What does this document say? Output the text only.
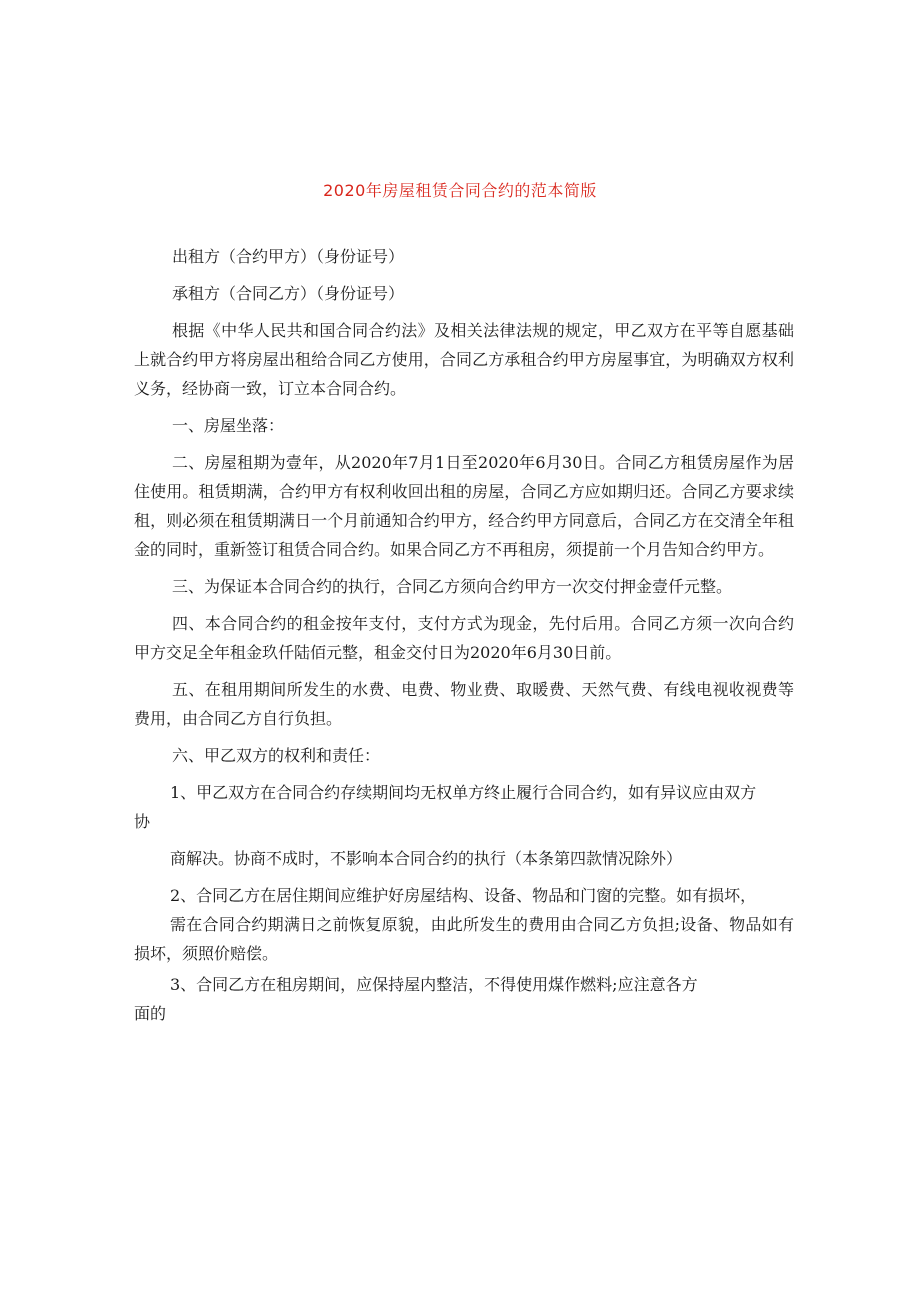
2020年房屋租赁合同合约的范本简版

出租方（合约甲方）（身份证号）

承租方（合同乙方）（身份证号）

根据《中华人民共和国合同合约法》及相关法律法规的规定，甲乙双方在平等自愿基础上就合约甲方将房屋出租给合同乙方使用，合同乙方承租合约甲方房屋事宜，为明确双方权利义务，经协商一致，订立本合同合约。

一、房屋坐落：

二、房屋租期为壹年，从2020年7月1日至2020年6月30日。合同乙方租赁房屋作为居住使用。租赁期满，合约甲方有权利收回出租的房屋，合同乙方应如期归还。合同乙方要求续租，则必须在租赁期满日一个月前通知合约甲方，经合约甲方同意后，合同乙方在交清全年租金的同时，重新签订租赁合同合约。如果合同乙方不再租房，须提前一个月告知合约甲方。

三、为保证本合同合约的执行，合同乙方须向合约甲方一次交付押金壹仟元整。

四、本合同合约的租金按年支付，支付方式为现金，先付后用。合同乙方须一次向合约甲方交足全年租金玖仟陆佰元整，租金交付日为2020年6月30日前。

五、在租用期间所发生的水费、电费、物业费、取暖费、天然气费、有线电视收视费等费用，由合同乙方自行负担。

六、甲乙双方的权利和责任：

1、甲乙双方在合同合约存续期间均无权单方终止履行合同合约，如有异议应由双方

协

商解决。协商不成时，不影响本合同合约的执行（本条第四款情况除外）

2、合同乙方在居住期间应维护好房屋结构、设备、物品和门窗的完整。如有损坏，

需在合同合约期满日之前恢复原貌，由此所发生的费用由合同乙方负担;设备、物品如有损坏，须照价赔偿。

3、合同乙方在租房期间，应保持屋内整洁，不得使用煤作燃料;应注意各方

面的
